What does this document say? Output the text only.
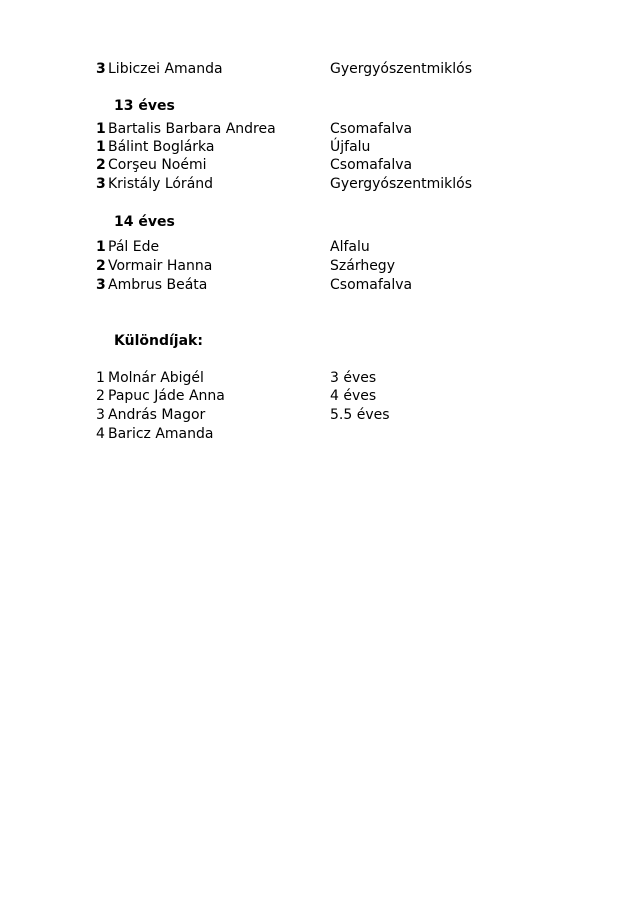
3 Libiczei Amanda	Gyergyószentmiklós
13 éves
1 Bartalis Barbara Andrea	Csomafalva
1 Bálint Boglárka	Újfalu
2 Corşeu Noémi	Csomafalva
3 Kristály Lóránd	Gyergyószentmiklós
14 éves
1 Pál Ede	Alfalu
2 Vormair Hanna	Szárhegy
3 Ambrus Beáta	Csomafalva
Különdíjak:
1 Molnár Abigél	3 éves
2 Papuc Jáde Anna	4 éves
3 András Magor	5.5 éves
4 Baricz Amanda
